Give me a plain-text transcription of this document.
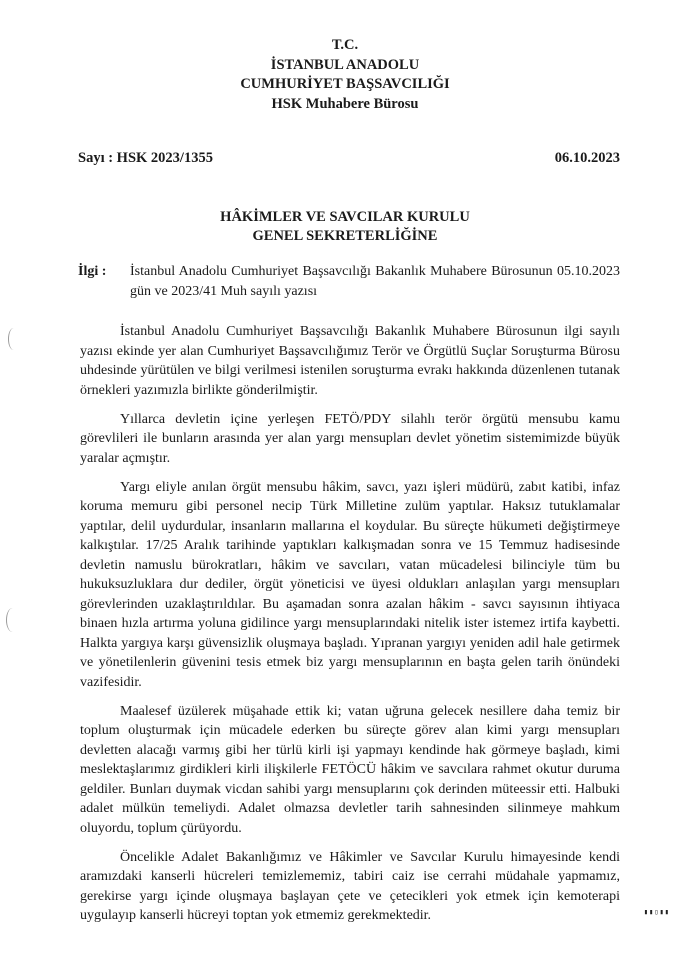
T.C.
İSTANBUL ANADOLU
CUMHURİYET BAŞSAVCILIĞI
HSK Muhabere Bürosu
Sayı : HSK 2023/1355	06.10.2023
HÂKİMLER VE SAVCILAR KURULU
GENEL SEKRETERLİĞİNE
İlgi : İstanbul Anadolu Cumhuriyet Başsavcılığı Bakanlık Muhabere Bürosunun 05.10.2023 gün ve 2023/41 Muh sayılı yazısı

İstanbul Anadolu Cumhuriyet Başsavcılığı Bakanlık Muhabere Bürosunun ilgi sayılı yazısı ekinde yer alan Cumhuriyet Başsavcılığımız Terör ve Örgütlü Suçlar Soruşturma Bürosu uhdesinde yürütülen ve bilgi verilmesi istenilen soruşturma evrakı hakkında düzenlenen tutanak örnekleri yazımızla birlikte gönderilmiştir.

Yıllarca devletin içine yerleşen FETÖ/PDY silahlı terör örgütü mensubu kamu görevlileri ile bunların arasında yer alan yargı mensupları devlet yönetim sistemimizde büyük yaralar açmıştır.

Yargı eliyle anılan örgüt mensubu hâkim, savcı, yazı işleri müdürü, zabıt katibi, infaz koruma memuru gibi personel necip Türk Milletine zulüm yaptılar. Haksız tutuklamalar yaptılar, delil uydurdular, insanların mallarına el koydular. Bu süreçte hükumeti değiştirmeye kalkıştılar. 17/25 Aralık tarihinde yaptıkları kalkışmadan sonra ve 15 Temmuz hadisesinde devletin namuslu bürokratları, hâkim ve savcıları, vatan mücadelesi bilinciyle tüm bu hukuksuzluklara dur dediler, örgüt yöneticisi ve üyesi oldukları anlaşılan yargı mensupları görevlerinden uzaklaştırıldılar. Bu aşamadan sonra azalan hâkim - savcı sayısının ihtiyaca binaen hızla artırma yoluna gidilince yargı mensuplarındaki nitelik ister istemez irtifa kaybetti. Halkta yargıya karşı güvensizlik oluşmaya başladı. Yıpranan yargıyı yeniden adil hale getirmek ve yönetilenlerin güvenini tesis etmek biz yargı mensuplarının en başta gelen tarih önündeki vazifesidir.

Maalesef üzülerek müşahade ettik ki; vatan uğruna gelecek nesillere daha temiz bir toplum oluşturmak için mücadele ederken bu süreçte görev alan kimi yargı mensupları devletten alacağı varmış gibi her türlü kirli işi yapmayı kendinde hak görmeye başladı, kimi meslektaşlarımız girdikleri kirli ilişkilerle FETÖCÜ hâkim ve savcılara rahmet okutur duruma geldiler. Bunları duymak vicdan sahibi yargı mensuplarını çok derinden müteessir etti. Halbuki adalet mülkün temeliydi. Adalet olmazsa devletler tarih sahnesinden silinmeye mahkum oluyordu, toplum çürüyordu.

Öncelikle Adalet Bakanlığımız ve Hâkimler ve Savcılar Kurulu himayesinde kendi aramızdaki kanserli hücreleri temizlememiz, tabiri caiz ise cerrahi müdahale yapmamız, gerekirse yargı içinde oluşmaya başlayan çete ve çetecikleri yok etmek için kemoterapi uygulayıp kanserli hücreyi toptan yok etmemiz gerekmektedir.	▮▮▯▮▮
